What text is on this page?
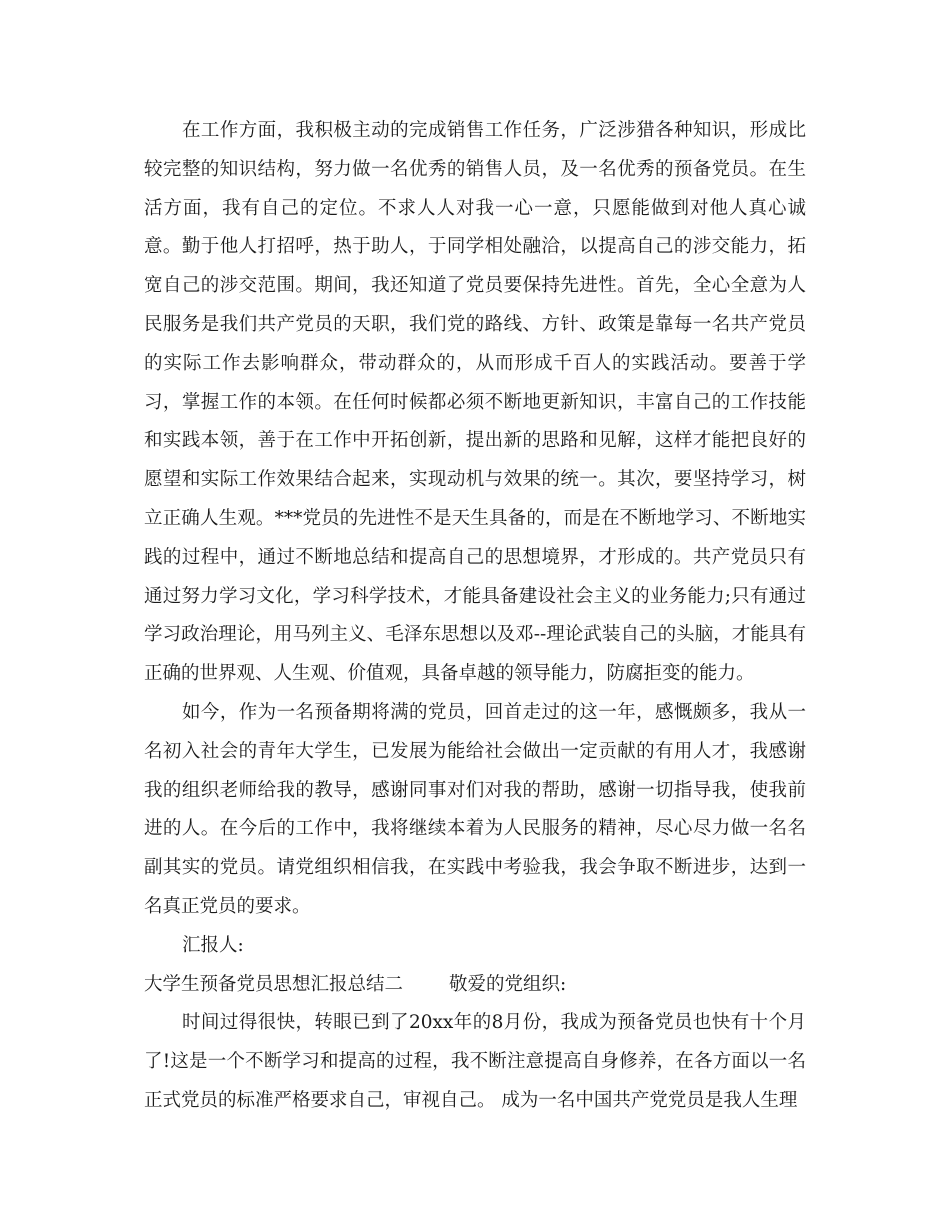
在工作方面，我积极主动的完成销售工作任务，广泛涉猎各种知识，形成比较完整的知识结构，努力做一名优秀的销售人员，及一名优秀的预备党员。在生活方面，我有自己的定位。不求人人对我一心一意，只愿能做到对他人真心诚意。勤于他人打招呼，热于助人，于同学相处融洽，以提高自己的涉交能力，拓宽自己的涉交范围。期间，我还知道了党员要保持先进性。首先，全心全意为人民服务是我们共产党员的天职，我们党的路线、方针、政策是靠每一名共产党员的实际工作去影响群众，带动群众的，从而形成千百人的实践活动。要善于学习，掌握工作的本领。在任何时候都必须不断地更新知识，丰富自己的工作技能和实践本领，善于在工作中开拓创新，提出新的思路和见解，这样才能把良好的愿望和实际工作效果结合起来，实现动机与效果的统一。其次，要坚持学习，树立正确人生观。***党员的先进性不是天生具备的，而是在不断地学习、不断地实践的过程中，通过不断地总结和提高自己的思想境界，才形成的。共产党员只有通过努力学习文化，学习科学技术，才能具备建设社会主义的业务能力;只有通过学习政治理论，用马列主义、毛泽东思想以及邓--理论武装自己的头脑，才能具有正确的世界观、人生观、价值观，具备卓越的领导能力，防腐拒变的能力。

如今，作为一名预备期将满的党员，回首走过的这一年，感慨颇多，我从一名初入社会的青年大学生，已发展为能给社会做出一定贡献的有用人才，我感谢我的组织老师给我的教导，感谢同事对们对我的帮助，感谢一切指导我，使我前进的人。在今后的工作中，我将继续本着为人民服务的精神，尽心尽力做一名名副其实的党员。请党组织相信我，在实践中考验我，我会争取不断进步，达到一名真正党员的要求。

汇报人:

大学生预备党员思想汇报总结二 敬爱的党组织:

时间过得很快，转眼已到了20xx年的8月份，我成为预备党员也快有十个月了!这是一个不断学习和提高的过程，我不断注意提高自身修养，在各方面以一名正式党员的标准严格要求自己，审视自己。 成为一名中国共产党党员是我人生理
